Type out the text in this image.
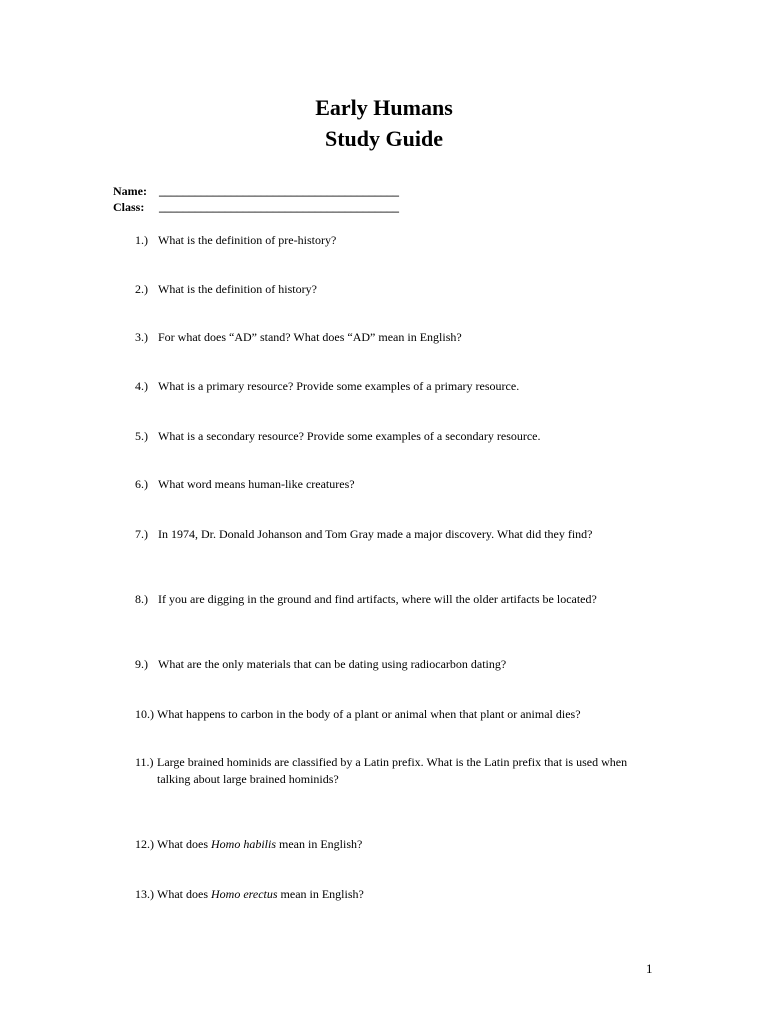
Early Humans
Study Guide
Name: ________________________________________
Class: ________________________________________
1.) What is the definition of pre-history?
2.) What is the definition of history?
3.) For what does “AD” stand? What does “AD” mean in English?
4.) What is a primary resource? Provide some examples of a primary resource.
5.) What is a secondary resource? Provide some examples of a secondary resource.
6.) What word means human-like creatures?
7.) In 1974, Dr. Donald Johanson and Tom Gray made a major discovery. What did they find?
8.) If you are digging in the ground and find artifacts, where will the older artifacts be located?
9.) What are the only materials that can be dating using radiocarbon dating?
10.) What happens to carbon in the body of a plant or animal when that plant or animal dies?
11.) Large brained hominids are classified by a Latin prefix. What is the Latin prefix that is used when talking about large brained hominids?
12.) What does Homo habilis mean in English?
13.) What does Homo erectus mean in English?
1
